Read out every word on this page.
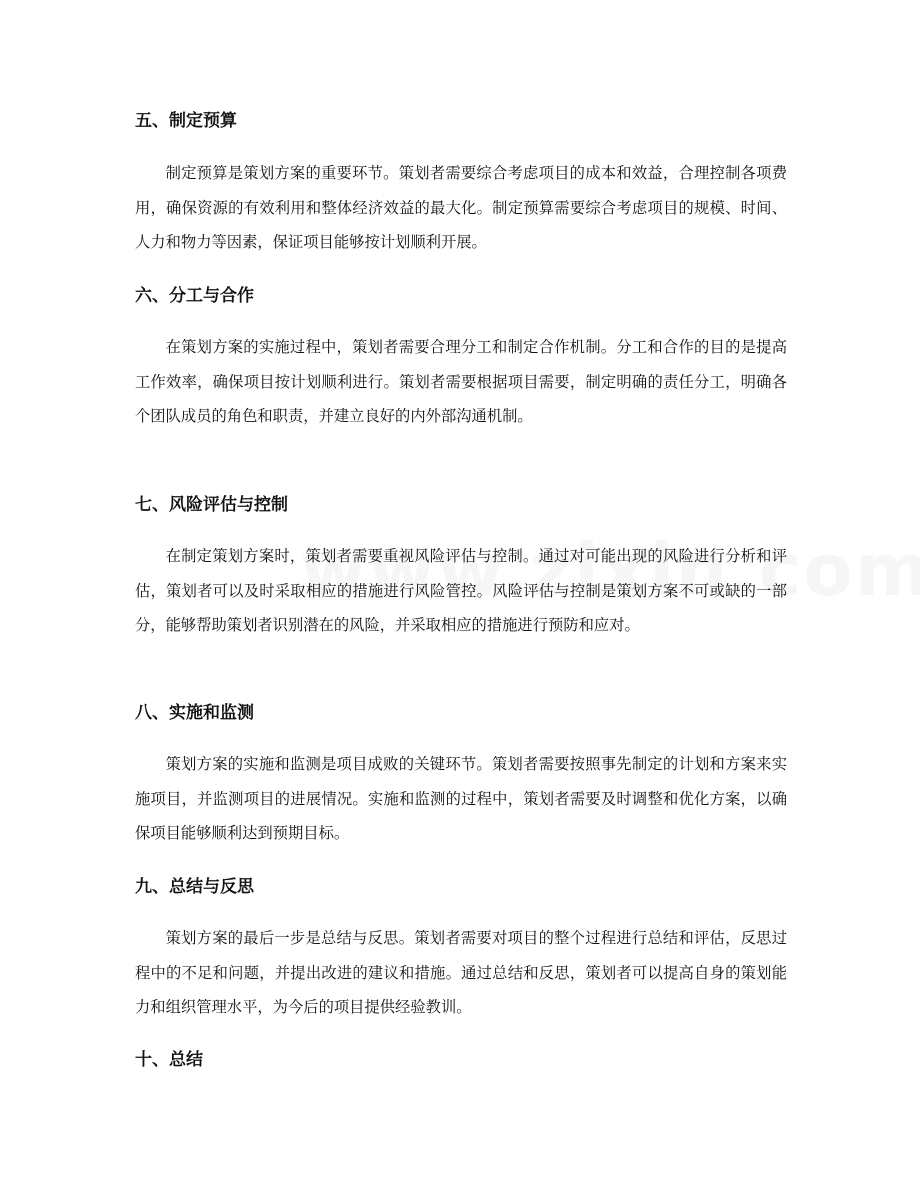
五、制定预算

制定预算是策划方案的重要环节。策划者需要综合考虑项目的成本和效益，合理控制各项费用，确保资源的有效利用和整体经济效益的最大化。制定预算需要综合考虑项目的规模、时间、人力和物力等因素，保证项目能够按计划顺利开展。

六、分工与合作

在策划方案的实施过程中，策划者需要合理分工和制定合作机制。分工和合作的目的是提高工作效率，确保项目按计划顺利进行。策划者需要根据项目需要，制定明确的责任分工，明确各个团队成员的角色和职责，并建立良好的内外部沟通机制。

七、风险评估与控制

在制定策划方案时，策划者需要重视风险评估与控制。通过对可能出现的风险进行分析和评估，策划者可以及时采取相应的措施进行风险管控。风险评估与控制是策划方案不可或缺的一部分，能够帮助策划者识别潜在的风险，并采取相应的措施进行预防和应对。

八、实施和监测

策划方案的实施和监测是项目成败的关键环节。策划者需要按照事先制定的计划和方案来实施项目，并监测项目的进展情况。实施和监测的过程中，策划者需要及时调整和优化方案，以确保项目能够顺利达到预期目标。

九、总结与反思

策划方案的最后一步是总结与反思。策划者需要对项目的整个过程进行总结和评估，反思过程中的不足和问题，并提出改进的建议和措施。通过总结和反思，策划者可以提高自身的策划能力和组织管理水平，为今后的项目提供经验教训。

十、总结
